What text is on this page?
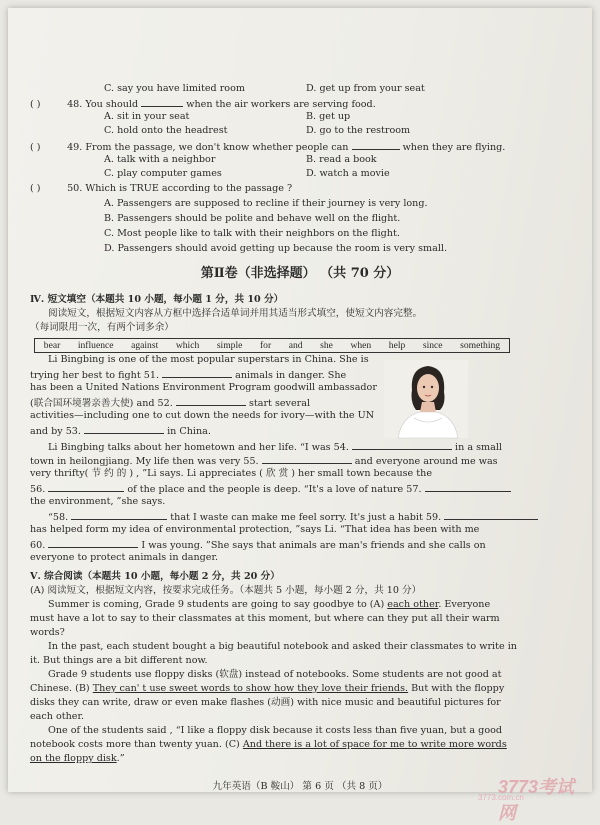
C. say you have limited room	D. get up from your seat
( )	48. You should	when the air workers are serving food.
A. sit in your seat	B. get up
C. hold onto the headrest	D. go to the restroom
( )	49. From the passage, we don't know whether people can	when they are flying.
A. talk with a neighbor	B. read a book
C. play computer games	D. watch a movie
( )	50. Which is TRUE according to the passage ?
A. Passengers are supposed to recline if their journey is very long.
B. Passengers should be polite and behave well on the flight.
C. Most people like to talk with their neighbors on the flight.
D. Passengers should avoid getting up because the room is very small.
第Ⅱ卷（非选择题） （共 70 分）
Ⅳ. 短文填空（本题共 10 小题，每小题 1 分，共 10 分）
阅读短文，根据短文内容从方框中选择合适单词并用其适当形式填空，使短文内容完整。
（每词限用一次，有两个词多余）
bear influence against which simple for and she when help since something
Li Bingbing is one of the most popular superstars in China. She is
trying her best to fight 51.	animals in danger. She
has been a United Nations Environment Program goodwill ambassador
(联合国环境署亲善大使) and 52.	start several
activities—including one to cut down the needs for ivory—with the UN
and by 53.	in China.
Li Bingbing talks about her hometown and her life. “I was 54.	in a small
town in heilongjiang. My life then was very 55.	and everyone around me was
very thrifty( 节 约 的 ) , ”Li says. Li appreciates ( 欣 赏 ) her small town because the
56.	of the place and the people is deep. “It's a love of nature 57.
the environment, ”she says.
“58.	that I waste can make me feel sorry. It's just a habit 59.
has helped form my idea of environmental protection, ”says Li. “That idea has been with me
60.	I was young. ”She says that animals are man's friends and she calls on
everyone to protect animals in danger.
Ⅴ. 综合阅读（本题共 10 小题，每小题 2 分，共 20 分）
(A) 阅读短文，根据短文内容，按要求完成任务。（本题共 5 小题，每小题 2 分，共 10 分）
Summer is coming, Grade 9 students are going to say goodbye to (A) each other. Everyone
must have a lot to say to their classmates at this moment, but where can they put all their warm
words?
In the past, each student bought a big beautiful notebook and asked their classmates to write in
it. But things are a bit different now.
Grade 9 students use floppy disks (软盘) instead of notebooks. Some students are not good at
Chinese. (B) They can' t use sweet words to show how they love their friends. But with the floppy
disks they can write, draw or even make flashes (动画) with nice music and beautiful pictures for
each other.
One of the students said , “I like a floppy disk because it costs less than five yuan, but a good
notebook costs more than twenty yuan. (C) And there is a lot of space for me to write more words
on the floppy disk.”
九年英语（B 鞍山） 第 6 页 （共 8 页）	3773考试网
3773.com.cn
